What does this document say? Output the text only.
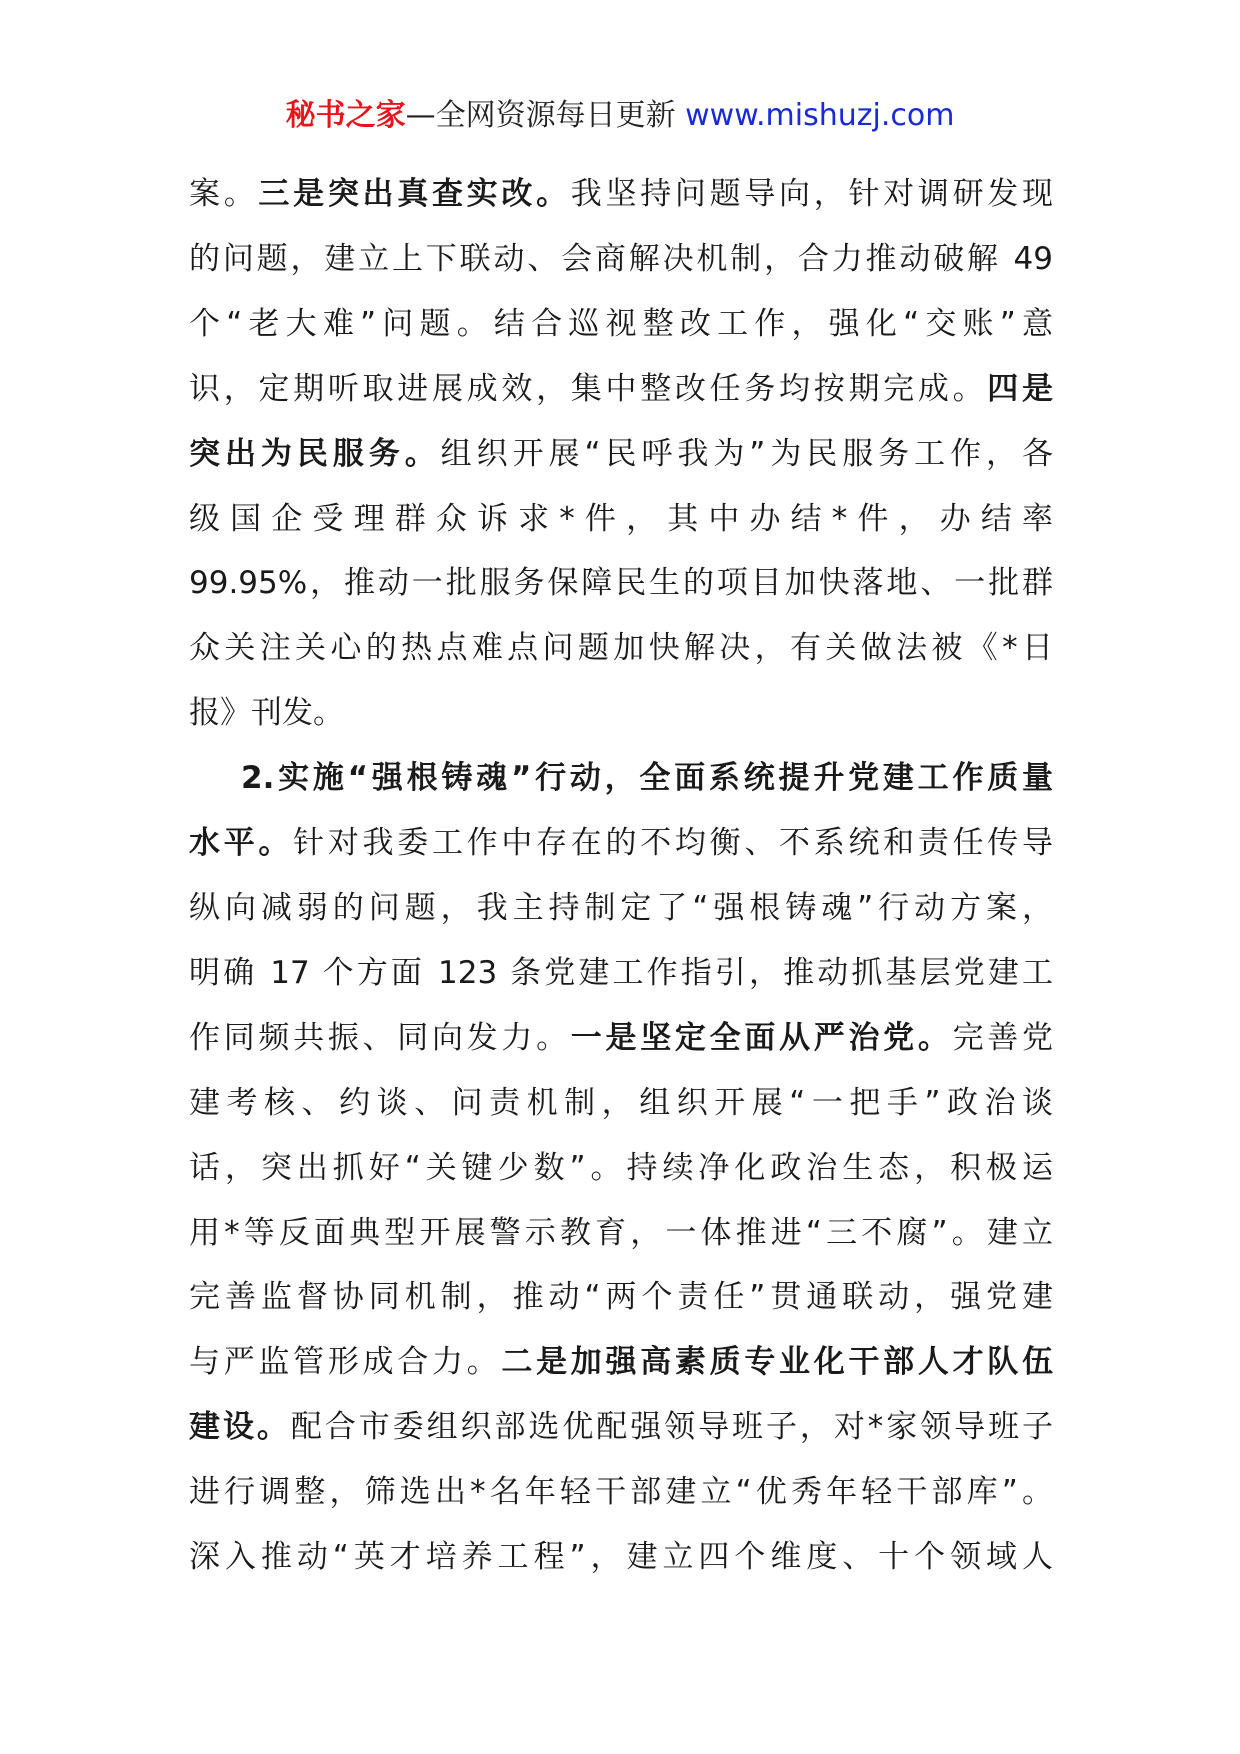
秘书之家—全网资源每日更新 www.mishuzj.com
案。三是突出真查实改。我坚持问题导向，针对调研发现
的问题，建立上下联动、会商解决机制，合力推动破解 49
个“老大难”问题。结合巡视整改工作，强化“交账”意
识，定期听取进展成效，集中整改任务均按期完成。四是
突出为民服务。组织开展“民呼我为”为民服务工作，各
级国企受理群众诉求*件，其中办结*件，办结率
99.95%，推动一批服务保障民生的项目加快落地、一批群
众关注关心的热点难点问题加快解决，有关做法被《*日
报》刊发。
2.实施“强根铸魂”行动，全面系统提升党建工作质量
水平。针对我委工作中存在的不均衡、不系统和责任传导
纵向减弱的问题，我主持制定了“强根铸魂”行动方案，
明确 17 个方面 123 条党建工作指引，推动抓基层党建工
作同频共振、同向发力。一是坚定全面从严治党。完善党
建考核、约谈、问责机制，组织开展“一把手”政治谈
话，突出抓好“关键少数”。持续净化政治生态，积极运
用*等反面典型开展警示教育，一体推进“三不腐”。建立
完善监督协同机制，推动“两个责任”贯通联动，强党建
与严监管形成合力。二是加强高素质专业化干部人才队伍
建设。配合市委组织部选优配强领导班子，对*家领导班子
进行调整，筛选出*名年轻干部建立“优秀年轻干部库”。
深入推动“英才培养工程”，建立四个维度、十个领域人
